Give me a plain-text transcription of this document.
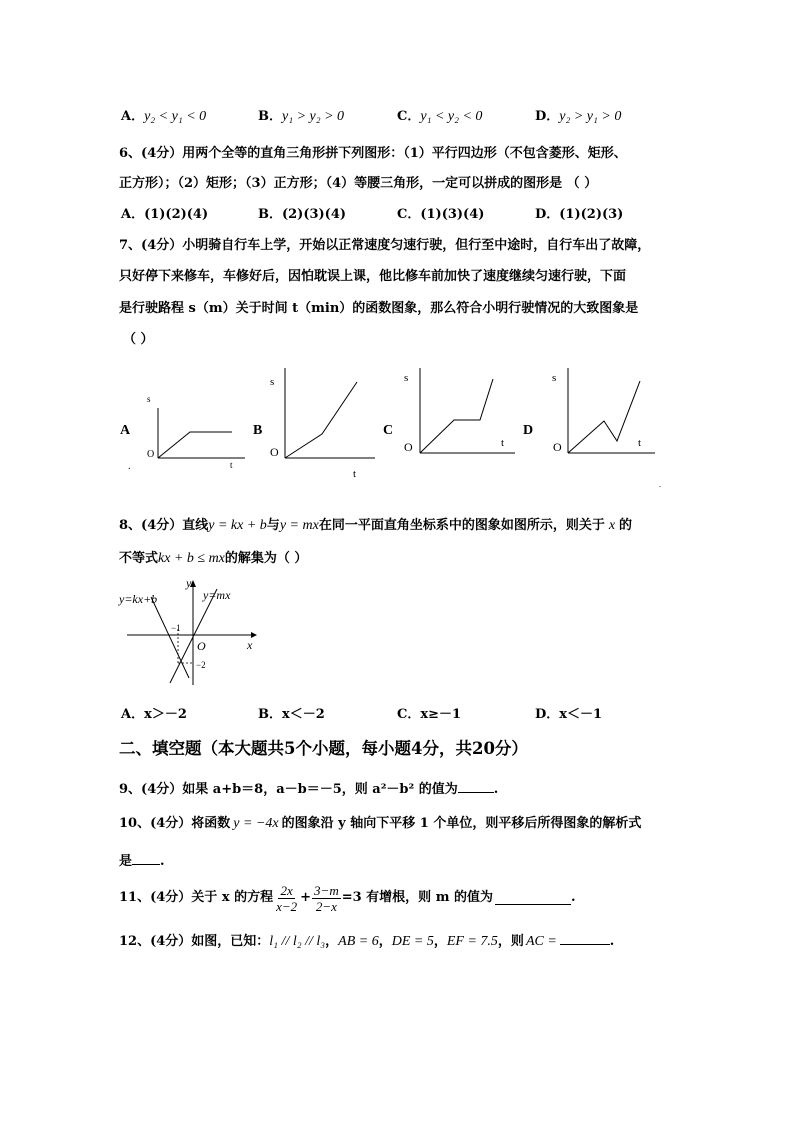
A．y₂ < y₁ < 0	B．y₁ > y₂ > 0	C．y₁ < y₂ < 0	D．y₂ > y₁ > 0
6、(4分）用两个全等的直角三角形拼下列图形：（1）平行四边形（不包含菱形、矩形、
正方形）；（2）矩形；（3）正方形；（4）等腰三角形，一定可以拼成的图形是 （ ）
A．(1)(2)(4)	B．(2)(3)(4)	C．(1)(3)(4)	D．(1)(2)(3)
7、(4分）小明骑自行车上学，开始以正常速度匀速行驶，但行至中途时，自行车出了故障，
只好停下来修车，车修好后，因怕耽误上课，他比修车前加快了速度继续匀速行驶，下面
是行驶路程 s（m）关于时间 t（min）的函数图象，那么符合小明行驶情况的大致图象是
（ ）
A
.
s
O
t
B
s
O
t
C
s
O	t
D
s
O	t
.
8、(4分）直线y = kx + b与y = mx在同一平面直角坐标系中的图象如图所示，则关于 x 的
不等式kx + b ≤ mx的解集为（ ）
y=kx+b	y=mx
y
x
O
−1
−2
A．x＞－2	B．x＜－2	C．x≥－1	D．x＜－1
二、填空题（本大题共5个小题，每小题4分，共20分）
9、(4分）如果 a+b＝8，a－b＝－5，则 a²－b² 的值为	.
10、(4分）将函数 y = −4x 的图象沿 y 轴向下平移 1 个单位，则平移后所得图象的解析式
是 .
11、(4分）关于 x 的方程 $\frac{2x}{x-2} + \frac{3-m}{2-x} =3$ 有增根，则 m 的值为	.
12、(4分）如图，已知：l₁ // l₂ // l₃，AB = 6，DE = 5，EF = 7.5，则 AC =	.
